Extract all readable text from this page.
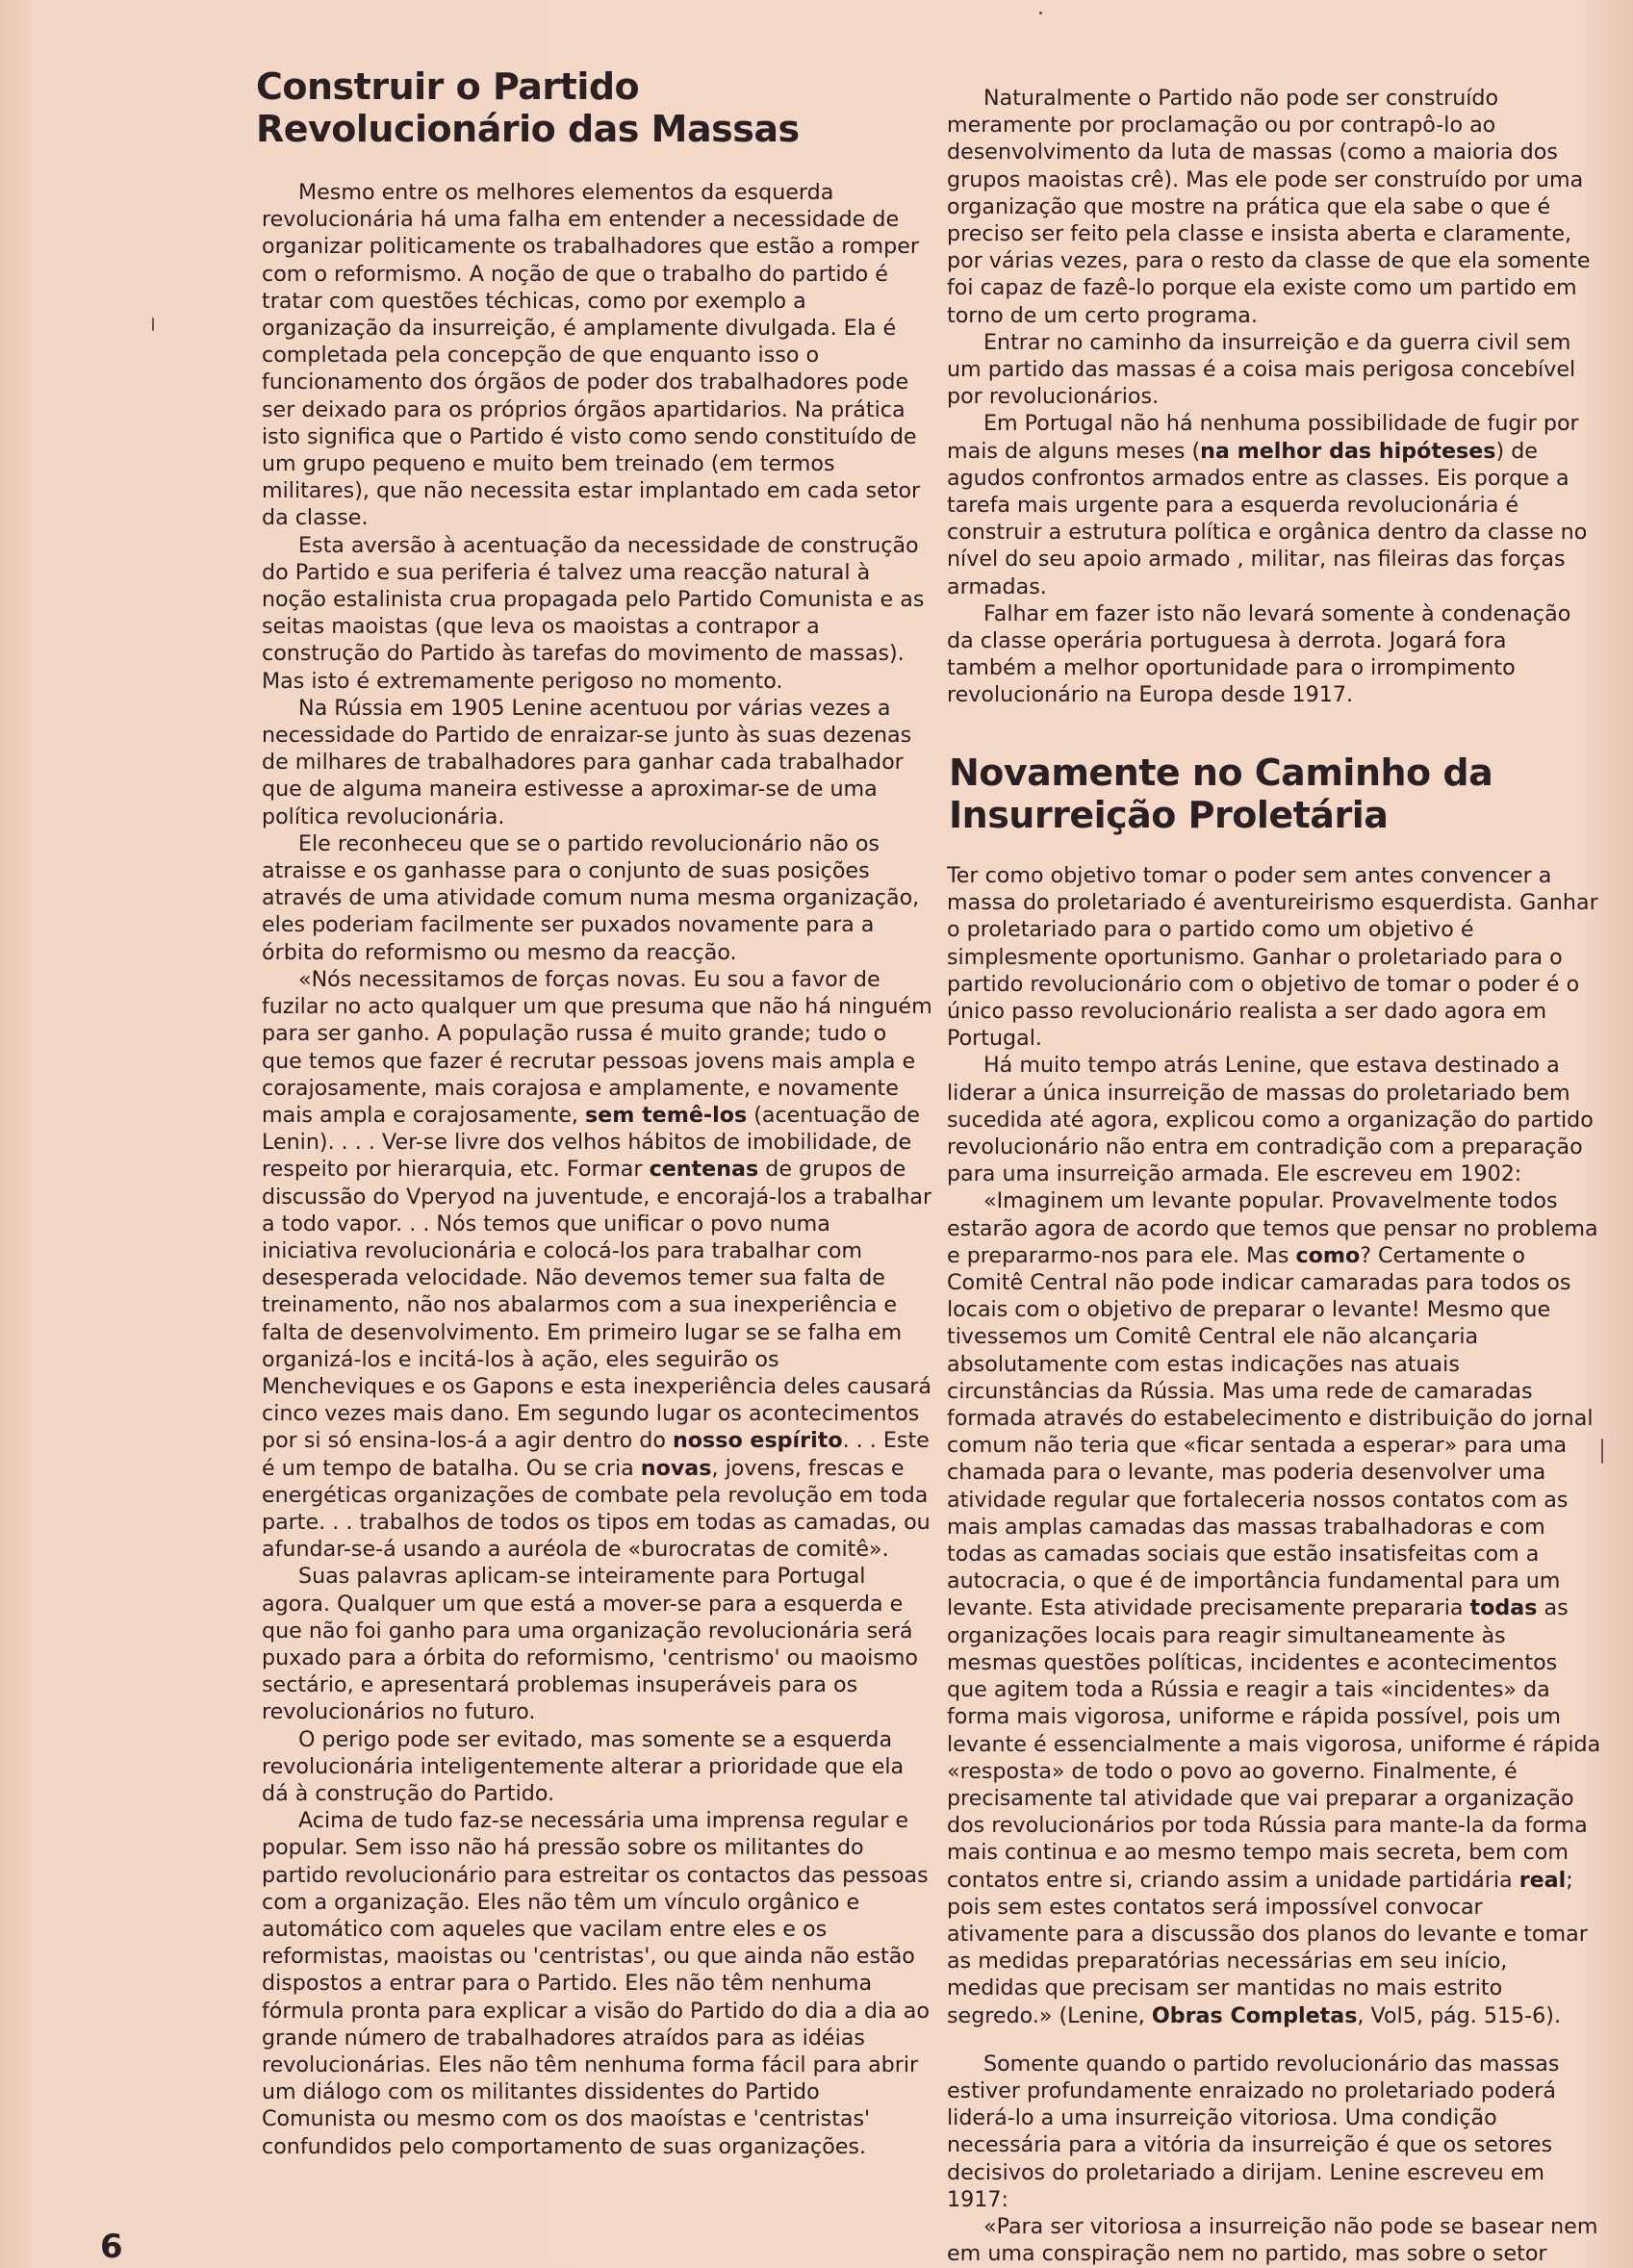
Construir o Partido Revolucionário das Massas

Mesmo entre os melhores elementos da esquerda revolucionária há uma falha em entender a necessidade de organizar politicamente os trabalhadores que estão a romper com o reformismo. A noção de que o trabalho do partido é tratar com questões téchicas, como por exemplo a organização da insurreição, é amplamente divulgada. Ela é completada pela concepção de que enquanto isso o funcionamento dos órgãos de poder dos trabalhadores pode ser deixado para os próprios órgãos apartidarios. Na prática isto significa que o Partido é visto como sendo constituído de um grupo pequeno e muito bem treinado (em termos militares), que não necessita estar implantado em cada setor da classe.

Esta aversão à acentuação da necessidade de construção do Partido e sua periferia é talvez uma reacção natural à noção estalinista crua propagada pelo Partido Comunista e as seitas maoistas (que leva os maoistas a contrapor a construção do Partido às tarefas do movimento de massas). Mas isto é extremamente perigoso no momento.

Na Rússia em 1905 Lenine acentuou por várias vezes a necessidade do Partido de enraizar-se junto às suas dezenas de milhares de trabalhadores para ganhar cada trabalhador que de alguma maneira estivesse a aproximar-se de uma política revolucionária.

Ele reconheceu que se o partido revolucionário não os atraisse e os ganhasse para o conjunto de suas posições através de uma atividade comum numa mesma organização, eles poderiam facilmente ser puxados novamente para a órbita do reformismo ou mesmo da reacção.

«Nós necessitamos de forças novas. Eu sou a favor de fuzilar no acto qualquer um que presuma que não há ninguém para ser ganho. A população russa é muito grande; tudo o que temos que fazer é recrutar pessoas jovens mais ampla e corajosamente, mais corajosa e amplamente, e novamente mais ampla e corajosamente, sem temê-los (acentuação de Lenin). . . . Ver-se livre dos velhos hábitos de imobilidade, de respeito por hierarquia, etc. Formar centenas de grupos de discussão do Vperyod na juventude, e encorajá-los a trabalhar a todo vapor. . . Nós temos que unificar o povo numa iniciativa revolucionária e colocá-los para trabalhar com desesperada velocidade. Não devemos temer sua falta de treinamento, não nos abalarmos com a sua inexperiência e falta de desenvolvimento. Em primeiro lugar se se falha em organizá-los e incitá-los à ação, eles seguirão os Mencheviques e os Gapons e esta inexperiência deles causará cinco vezes mais dano. Em segundo lugar os acontecimentos por si só ensina-los-á a agir dentro do nosso espírito. . . Este é um tempo de batalha. Ou se cria novas, jovens, frescas e energéticas organizações de combate pela revolução em toda parte. . . trabalhos de todos os tipos em todas as camadas, ou afundar-se-á usando a auréola de «burocratas de comitê».

Suas palavras aplicam-se inteiramente para Portugal agora. Qualquer um que está a mover-se para a esquerda e que não foi ganho para uma organização revolucionária será puxado para a órbita do reformismo, 'centrismo' ou maoismo sectário, e apresentará problemas insuperáveis para os revolucionários no futuro.

O perigo pode ser evitado, mas somente se a esquerda revolucionária inteligentemente alterar a prioridade que ela dá à construção do Partido.

Acima de tudo faz-se necessária uma imprensa regular e popular. Sem isso não há pressão sobre os militantes do partido revolucionário para estreitar os contactos das pessoas com a organização. Eles não têm um vínculo orgânico e automático com aqueles que vacilam entre eles e os reformistas, maoistas ou 'centristas', ou que ainda não estão dispostos a entrar para o Partido. Eles não têm nenhuma fórmula pronta para explicar a visão do Partido do dia a dia ao grande número de trabalhadores atraídos para as idéias revolucionárias. Eles não têm nenhuma forma fácil para abrir um diálogo com os militantes dissidentes do Partido Comunista ou mesmo com os dos maoístas e 'centristas' confundidos pelo comportamento de suas organizações.

Naturalmente o Partido não pode ser construído meramente por proclamação ou por contrapô-lo ao desenvolvimento da luta de massas (como a maioria dos grupos maoistas crê). Mas ele pode ser construído por uma organização que mostre na prática que ela sabe o que é preciso ser feito pela classe e insista aberta e claramente, por várias vezes, para o resto da classe de que ela somente foi capaz de fazê-lo porque ela existe como um partido em torno de um certo programa.

Entrar no caminho da insurreição e da guerra civil sem um partido das massas é a coisa mais perigosa concebível por revolucionários.

Em Portugal não há nenhuma possibilidade de fugir por mais de alguns meses (na melhor das hipóteses) de agudos confrontos armados entre as classes. Eis porque a tarefa mais urgente para a esquerda revolucionária é construir a estrutura política e orgânica dentro da classe no nível do seu apoio armado , militar, nas fileiras das forças armadas.

Falhar em fazer isto não levará somente à condenação da classe operária portuguesa à derrota. Jogará fora também a melhor oportunidade para o irrompimento revolucionário na Europa desde 1917.

Novamente no Caminho da Insurreição Proletária

Ter como objetivo tomar o poder sem antes convencer a massa do proletariado é aventureirismo esquerdista. Ganhar o proletariado para o partido como um objetivo é simplesmente oportunismo. Ganhar o proletariado para o partido revolucionário com o objetivo de tomar o poder é o único passo revolucionário realista a ser dado agora em Portugal.

Há muito tempo atrás Lenine, que estava destinado a liderar a única insurreição de massas do proletariado bem sucedida até agora, explicou como a organização do partido revolucionário não entra em contradição com a preparação para uma insurreição armada. Ele escreveu em 1902:

«Imaginem um levante popular. Provavelmente todos estarão agora de acordo que temos que pensar no problema e prepararmo-nos para ele. Mas como? Certamente o Comitê Central não pode indicar camaradas para todos os locais com o objetivo de preparar o levante! Mesmo que tivessemos um Comitê Central ele não alcançaria absolutamente com estas indicações nas atuais circunstâncias da Rússia. Mas uma rede de camaradas formada através do estabelecimento e distribuição do jornal comum não teria que «ficar sentada a esperar» para uma chamada para o levante, mas poderia desenvolver uma atividade regular que fortaleceria nossos contatos com as mais amplas camadas das massas trabalhadoras e com todas as camadas sociais que estão insatisfeitas com a autocracia, o que é de importância fundamental para um levante. Esta atividade precisamente prepararia todas as organizações locais para reagir simultaneamente às mesmas questões políticas, incidentes e acontecimentos que agitem toda a Rússia e reagir a tais «incidentes» da forma mais vigorosa, uniforme e rápida possível, pois um levante é essencialmente a mais vigorosa, uniforme é rápida «resposta» de todo o povo ao governo. Finalmente, é precisamente tal atividade que vai preparar a organização dos revolucionários por toda Rússia para mante-la da forma mais continua e ao mesmo tempo mais secreta, bem com contatos entre si, criando assim a unidade partidária real; pois sem estes contatos será impossível convocar ativamente para a discussão dos planos do levante e tomar as medidas preparatórias necessárias em seu início, medidas que precisam ser mantidas no mais estrito segredo.» (Lenine, Obras Completas, Vol5, pág. 515-6).

Somente quando o partido revolucionário das massas estiver profundamente enraizado no proletariado poderá liderá-lo a uma insurreição vitoriosa. Uma condição necessária para a vitória da insurreição é que os setores decisivos do proletariado a dirijam. Lenine escreveu em 1917:

«Para ser vitoriosa a insurreição não pode se basear nem em uma conspiração nem no partido, mas sobre o setor

6
